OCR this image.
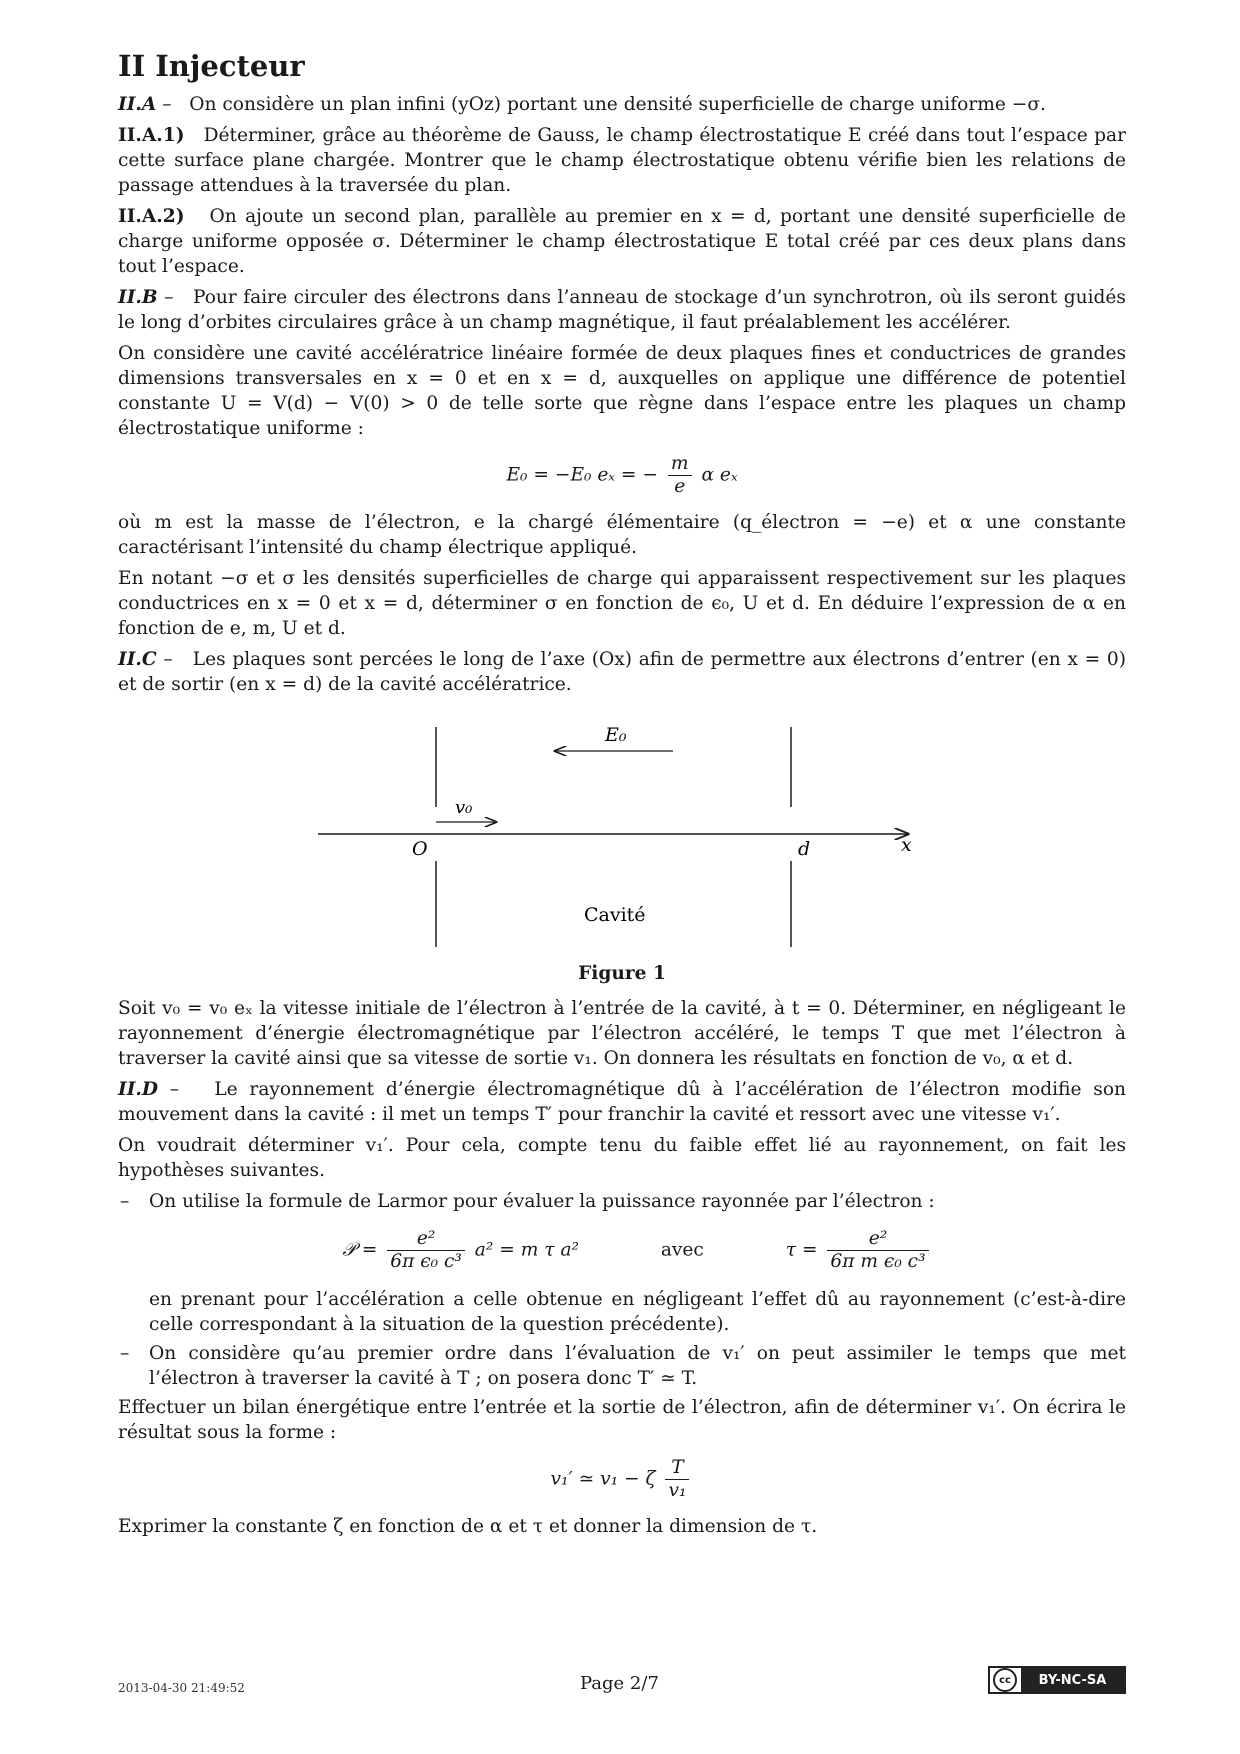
II Injecteur

II.A –   On considère un plan infini (yOz) portant une densité superficielle de charge uniforme −σ.

II.A.1) Déterminer, grâce au théorème de Gauss, le champ électrostatique E créé dans tout l’espace par cette surface plane chargée. Montrer que le champ électrostatique obtenu vérifie bien les relations de passage attendues à la traversée du plan.

II.A.2) On ajoute un second plan, parallèle au premier en x = d, portant une densité superficielle de charge uniforme opposée σ. Déterminer le champ électrostatique E total créé par ces deux plans dans tout l’espace.

II.B –   Pour faire circuler des électrons dans l’anneau de stockage d’un synchrotron, où ils seront guidés le long d’orbites circulaires grâce à un champ magnétique, il faut préalablement les accélérer.

On considère une cavité accélératrice linéaire formée de deux plaques fines et conductrices de grandes dimensions transversales en x = 0 et en x = d, auxquelles on applique une différence de potentiel constante U = V(d) − V(0) > 0 de telle sorte que règne dans l’espace entre les plaques un champ électrostatique uniforme :

E₀ = −E₀ eₓ = − $\frac{m}{e}$ α eₓ

où m est la masse de l’électron, e la chargé élémentaire (q_électron = −e) et α une constante caractérisant l’intensité du champ électrique appliqué.

En notant −σ et σ les densités superficielles de charge qui apparaissent respectivement sur les plaques conductrices en x = 0 et x = d, déterminer σ en fonction de ϵ₀, U et d. En déduire l’expression de α en fonction de e, m, U et d.

II.C –   Les plaques sont percées le long de l’axe (Ox) afin de permettre aux électrons d’entrer (en x = 0) et de sortir (en x = d) de la cavité accélératrice.

E₀
v₀
O	d	x
Cavité
Figure 1

Soit v₀ = v₀ eₓ la vitesse initiale de l’électron à l’entrée de la cavité, à t = 0. Déterminer, en négligeant le rayonnement d’énergie électromagnétique par l’électron accéléré, le temps T que met l’électron à traverser la cavité ainsi que sa vitesse de sortie v₁. On donnera les résultats en fonction de v₀, α et d.

II.D –   Le rayonnement d’énergie électromagnétique dû à l’accélération de l’électron modifie son mouvement dans la cavité : il met un temps T′ pour franchir la cavité et ressort avec une vitesse v₁′.

On voudrait déterminer v₁′. Pour cela, compte tenu du faible effet lié au rayonnement, on fait les hypothèses suivantes.

– On utilise la formule de Larmor pour évaluer la puissance rayonnée par l’électron :
𝒫 = $\frac{\text{e²}}{\text{6π ϵ₀ c³}} a^2 = m$ τ a²	avec	$\tau = \frac{\text{e²}}{\text{6π m ϵ₀ c³}}$
en prenant pour l’accélération a celle obtenue en négligeant l’effet dû au rayonnement (c’est-à-dire celle correspondant à la situation de la question précédente).
– On considère qu’au premier ordre dans l’évaluation de v₁′ on peut assimiler le temps que met l’électron à traverser la cavité à T ; on posera donc T′ ≃ T.

Effectuer un bilan énergétique entre l’entrée et la sortie de l’électron, afin de déterminer v₁′. On écrira le résultat sous la forme :

v₁′ ≃ v₁ − ζ $\frac{T}{\text{v₁}}$

Exprimer la constante ζ en fonction de α et τ et donner la dimension de τ.

2013-04-30 21:49:52	Page 2/7	cc	BY-NC-SA
